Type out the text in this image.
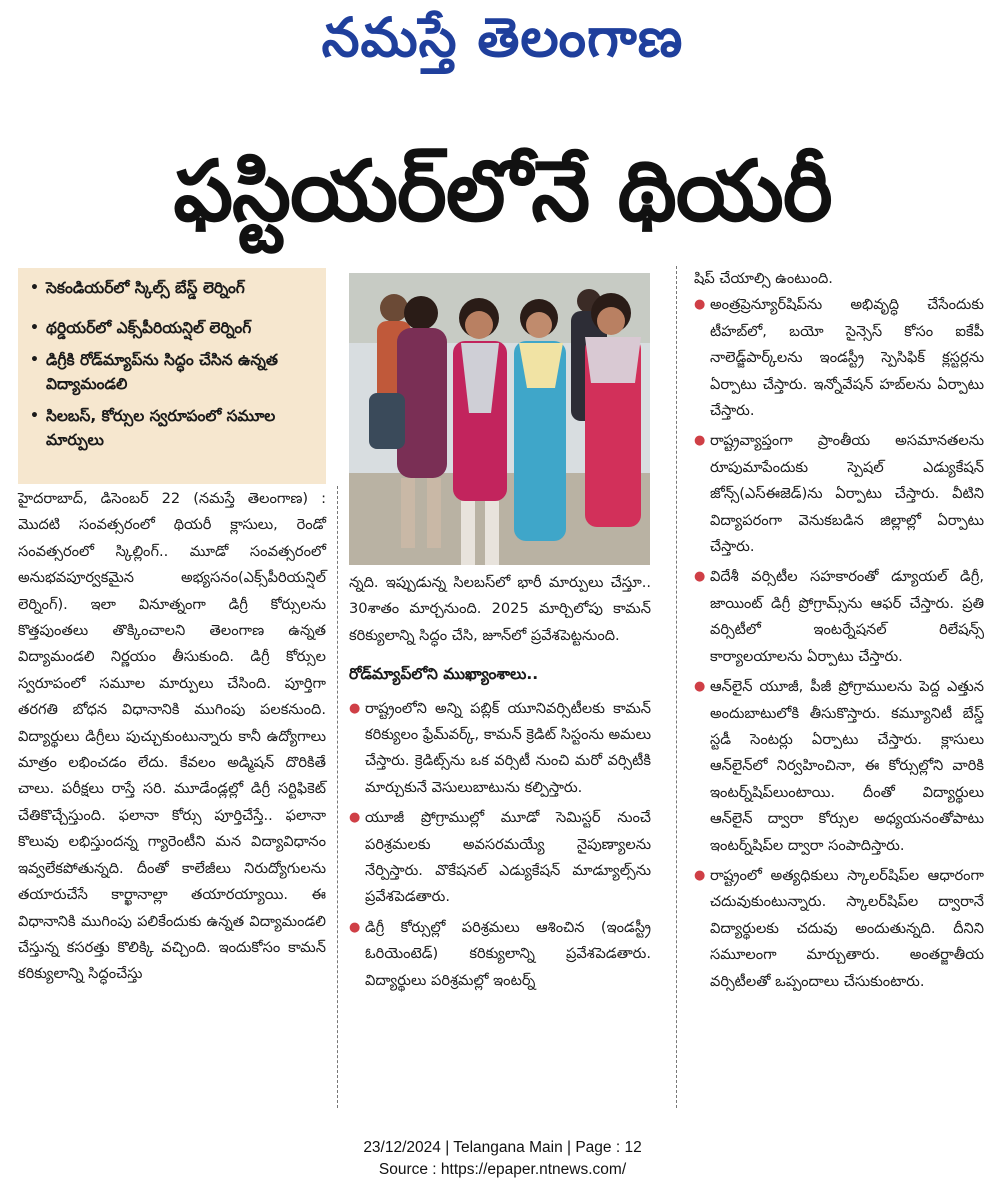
నమస్తే తెలంగాణ
ఫస్టియర్‌లోనే థియరీ
• సెకండియర్‌లో స్కిల్స్‌ బేస్డ్‌ లెర్నింగ్‌
• థర్డియర్‌లో ఎక్స్‌పీరియన్షిల్‌ లెర్నింగ్‌
• డిగ్రీకి రోడ్‌మ్యాప్‌ను సిద్ధం చేసిన ఉన్నత విద్యామండలి
• సిలబస్‌, కోర్సుల స్వరూపంలో సమూల మార్పులు

హైదరాబాద్‌, డిసెంబర్‌ 22 (నమస్తే తెలంగాణ) : మొదటి సంవత్సరంలో థియరీ క్లాసులు, రెండో సంవత్సరంలో స్కిల్లింగ్‌.. మూడో సంవత్సరంలో అనుభవపూర్వకమైన అభ్యసనం(ఎక్స్‌పీరియన్షిల్‌ లెర్నింగ్‌). ఇలా వినూత్నంగా డిగ్రీ కోర్సులను కొత్తపుంతలు తొక్కించాలని తెలంగాణ ఉన్నత విద్యామండలి నిర్ణయం తీసుకుంది. డిగ్రీ కోర్సుల స్వరూపంలో సమూల మార్పులు చేసింది. పూర్తిగా తరగతి బోధన విధానానికి ముగింపు పలకనుంది. విద్యార్థులు డిగ్రీలు పుచ్చుకుంటున్నారు కానీ ఉద్యోగాలు మాత్రం లభించడం లేదు. కేవలం అడ్మిషన్‌ దొరికితే చాలు. పరీక్షలు రాస్తే సరి. మూడేండ్లల్లో డిగ్రీ సర్టిఫికెట్‌ చేతికొచ్చేస్తుంది. ఫలానా కోర్సు పూర్తిచేస్తే.. ఫలానా కొలువు లభిస్తుందన్న గ్యారెంటీని మన విద్యావిధానం ఇవ్వలేకపోతున్నది. దీంతో కాలేజీలు నిరుద్యోగులను తయారుచేసే కార్ఖానాల్లా తయారయ్యాయి. ఈ విధానానికి ముగింపు పలికేందుకు ఉన్నత విద్యామండలి చేస్తున్న కసరత్తు కొలిక్కి వచ్చింది. ఇందుకోసం కామన్‌ కరిక్యులాన్ని సిద్ధంచేస్తు

న్నది. ఇప్పుడున్న సిలబస్‌లో భారీ మార్పులు చేస్తూ.. 30శాతం మార్చనుంది. 2025 మార్చిలోపు కామన్‌ కరిక్యులాన్ని సిద్ధం చేసి, జూన్‌లో ప్రవేశపెట్టనుంది.

రోడ్‌మ్యాప్‌లోని ముఖ్యాంశాలు..
● రాష్ట్రంలోని అన్ని పబ్లిక్‌ యూనివర్సిటీలకు కామన్‌ కరిక్యులం ఫ్రేమ్‌వర్క్‌, కామన్‌ క్రెడిట్‌ సిస్టంను అమలు చేస్తారు. క్రెడిట్స్‌ను ఒక వర్సిటీ నుంచి మరో వర్సిటీకి మార్చుకునే వెసులుబాటును కల్పిస్తారు.
● యూజీ ప్రోగ్రాముల్లో మూడో సెమిస్టర్‌ నుంచే పరిశ్రమలకు అవసరమయ్యే నైపుణ్యాలను నేర్పిస్తారు. వొకేషనల్‌ ఎడ్యుకేషన్‌ మాడ్యూల్స్‌ను ప్రవేశపెడతారు.
● డిగ్రీ కోర్సుల్లో పరిశ్రమలు ఆశించిన (ఇండస్ట్రీ ఓరియెంటెడ్‌) కరిక్యులాన్ని ప్రవేశపెడతారు. విద్యార్థులు పరిశ్రమల్లో ఇంటర్న్‌

షిప్‌ చేయాల్సి ఉంటుంది.

● అంత్రప్రెన్యూర్‌షిప్‌ను అభివృద్ధి చేసేందుకు టీహబ్‌లో, బయో సైన్సెస్‌ కోసం ఐకేపీ నాలెడ్జ్‌పార్క్‌లను ఇండస్ట్రీ స్పెసిఫిక్‌ క్లస్టర్లను ఏర్పాటు చేస్తారు. ఇన్నోవేషన్‌ హబ్‌లను ఏర్పాటు చేస్తారు.
● రాష్ట్రవ్యాప్తంగా ప్రాంతీయ అసమానతలను రూపుమాపేందుకు స్పెషల్‌ ఎడ్యుకేషన్‌ జోన్స్‌(ఎస్‌ఈజెడ్‌)ను ఏర్పాటు చేస్తారు. వీటిని విద్యాపరంగా వెనుకబడిన జిల్లాల్లో ఏర్పాటు చేస్తారు.
● విదేశీ వర్సిటీల సహకారంతో డ్యూయల్‌ డిగ్రీ, జాయింట్‌ డిగ్రీ ప్రోగ్రామ్స్‌ను ఆఫర్‌ చేస్తారు. ప్రతి వర్సిటీలో ఇంటర్నేషనల్‌ రిలేషన్స్‌ కార్యాలయాలను ఏర్పాటు చేస్తారు.
● ఆన్‌లైన్‌ యూజీ, పీజీ ప్రోగ్రాములను పెద్ద ఎత్తున అందుబాటులోకి తీసుకొస్తారు. కమ్యూనిటీ బేస్డ్‌ స్టడీ సెంటర్లు ఏర్పాటు చేస్తారు. క్లాసులు ఆన్‌లైన్‌లో నిర్వహించినా, ఈ కోర్సుల్లోని వారికి ఇంటర్న్‌షిప్‌లుంటాయి. దీంతో విద్యార్థులు ఆన్‌లైన్‌ ద్వారా కోర్సుల అధ్యయనంతోపాటు ఇంటర్న్‌షిప్‌ల ద్వారా సంపాదిస్తారు.
● రాష్ట్రంలో అత్యధికులు స్కాలర్‌షిప్‌ల ఆధారంగా చదువుకుంటున్నారు. స్కాలర్‌షిప్‌ల ద్వారానే విద్యార్థులకు చదువు అందుతున్నది. దీనిని సమూలంగా మార్చుతారు. అంతర్జాతీయ వర్సిటీలతో ఒప్పందాలు చేసుకుంటారు.
23/12/2024 | Telangana Main | Page : 12
Source : https://epaper.ntnews.com/
